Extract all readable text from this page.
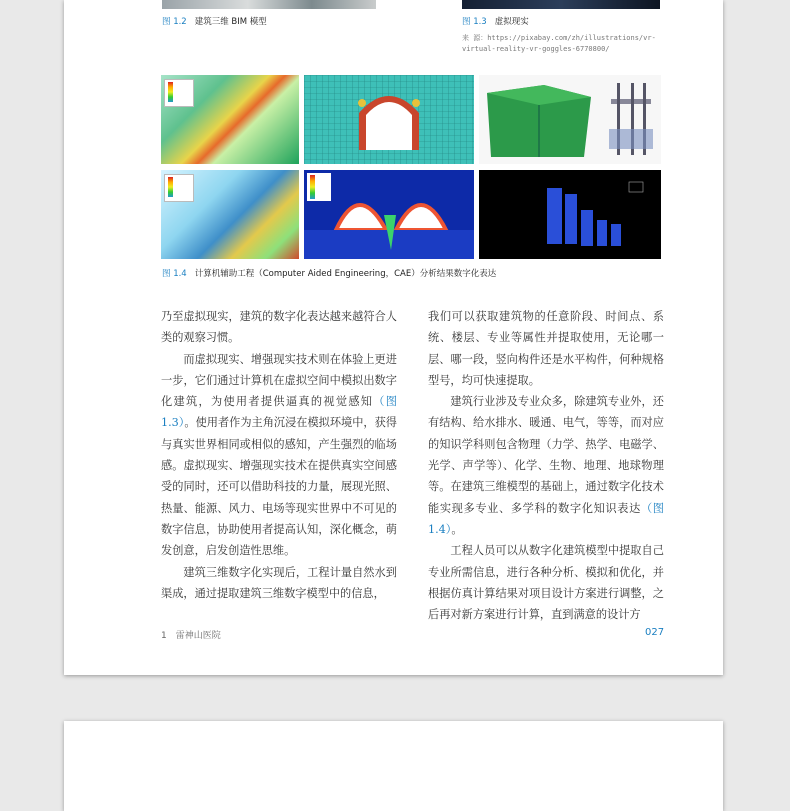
图 1.2 建筑三维 BIM 模型	图 1.3 虚拟现实
来 源：https://pixabay.com/zh/illustrations/vr-virtual-reality-vr-goggles-6770800/
图 1.4 计算机辅助工程（Computer Aided Engineering，CAE）分析结果数字化表达

乃至虚拟现实，建筑的数字化表达越来越符合人类的观察习惯。

而虚拟现实、增强现实技术则在体验上更进一步，它们通过计算机在虚拟空间中模拟出数字化建筑，为使用者提供逼真的视觉感知（图 1.3）。使用者作为主角沉浸在模拟环境中，获得与真实世界相同或相似的感知，产生强烈的临场感。虚拟现实、增强现实技术在提供真实空间感受的同时，还可以借助科技的力量，展现光照、热量、能源、风力、电场等现实世界中不可见的数字信息，协助使用者提高认知，深化概念，萌发创意，启发创造性思维。

建筑三维数字化实现后，工程计量自然水到渠成，通过提取建筑三维数字模型中的信息，

我们可以获取建筑物的任意阶段、时间点、系统、楼层、专业等属性并提取使用，无论哪一层、哪一段，竖向构件还是水平构件，何种规格型号，均可快速提取。

建筑行业涉及专业众多，除建筑专业外，还有结构、给水排水、暖通、电气，等等，而对应的知识学科则包含物理（力学、热学、电磁学、光学、声学等）、化学、生物、地理、地球物理等。在建筑三维模型的基础上，通过数字化技术能实现多专业、多学科的数字化知识表达（图 1.4）。

工程人员可以从数字化建筑模型中提取自己专业所需信息，进行各种分析、模拟和优化，并根据仿真计算结果对项目设计方案进行调整，之后再对新方案进行计算，直到满意的设计方

1　雷神山医院	027
